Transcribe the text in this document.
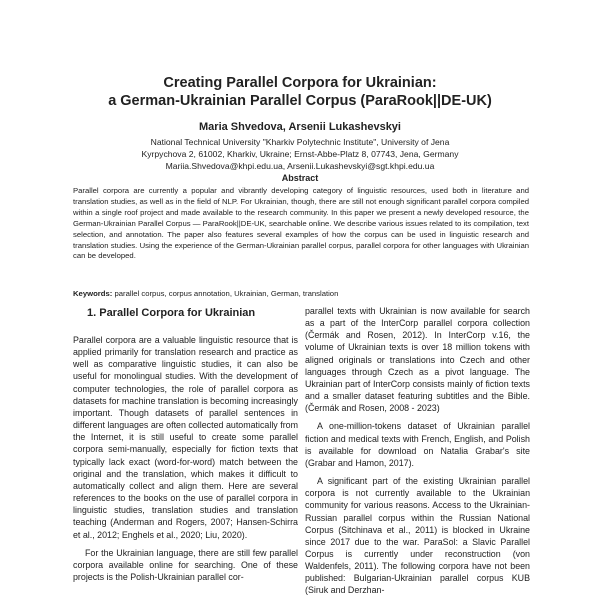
Creating Parallel Corpora for Ukrainian:
a German-Ukrainian Parallel Corpus (ParaRook||DE-UK)
Maria Shvedova, Arsenii Lukashevskyi
National Technical University "Kharkiv Polytechnic Institute", University of Jena
Kyrpychova 2, 61002, Kharkiv, Ukraine; Ernst-Abbe-Platz 8, 07743, Jena, Germany
Mariia.Shvedova@khpi.edu.ua, Arsenii.Lukashevskyi@sgt.khpi.edu.ua
Abstract
Parallel corpora are currently a popular and vibrantly developing category of linguistic resources, used both in literature and translation studies, as well as in the field of NLP. For Ukrainian, though, there are still not enough significant parallel corpora compiled within a single roof project and made available to the research community. In this paper we present a newly developed resource, the German-Ukrainian Parallel Corpus — ParaRook||DE-UK, searchable online. We describe various issues related to its compilation, text selection, and annotation. The paper also features several examples of how the corpus can be used in linguistic research and translation studies. Using the experience of the German-Ukrainian parallel corpus, parallel corpora for other languages with Ukrainian can be developed.
Keywords: parallel corpus, corpus annotation, Ukrainian, German, translation
1. Parallel Corpora for Ukrainian

Parallel corpora are a valuable linguistic resource that is applied primarily for translation research and practice as well as comparative linguistic studies, it can also be useful for monolingual studies. With the development of computer technologies, the role of parallel corpora as datasets for machine translation is becoming increasingly important. Though datasets of parallel sentences in different languages are often collected automatically from the Internet, it is still useful to create some parallel corpora semi-manually, especially for fiction texts that typically lack exact (word-for-word) match between the original and the translation, which makes it difficult to automatically collect and align them. Here are several references to the books on the use of parallel corpora in linguistic studies, translation studies and translation teaching (Anderman and Rogers, 2007; Hansen-Schirra et al., 2012; Enghels et al., 2020; Liu, 2020).

For the Ukrainian language, there are still few parallel corpora available online for searching. One of these projects is the Polish-Ukrainian parallel cor-

parallel texts with Ukrainian is now available for search as a part of the InterCorp parallel corpora collection (Čermák and Rosen, 2012). In InterCorp v.16, the volume of Ukrainian texts is over 18 million tokens with aligned originals or translations into Czech and other languages through Czech as a pivot language. The Ukrainian part of InterCorp consists mainly of fiction texts and a smaller dataset featuring subtitles and the Bible. (Čermák and Rosen, 2008 - 2023)

A one-million-tokens dataset of Ukrainian parallel fiction and medical texts with French, English, and Polish is available for download on Natalia Grabar's site (Grabar and Hamon, 2017).

A significant part of the existing Ukrainian parallel corpora is not currently available to the Ukrainian community for various reasons. Access to the Ukrainian-Russian parallel corpus within the Russian National Corpus (Sitchinava et al., 2011) is blocked in Ukraine since 2017 due to the war. ParaSol: a Slavic Parallel Corpus is currently under reconstruction (von Waldenfels, 2011). The following corpora have not been published: Bulgarian-Ukrainian parallel corpus KUB (Siruk and Derzhan-
